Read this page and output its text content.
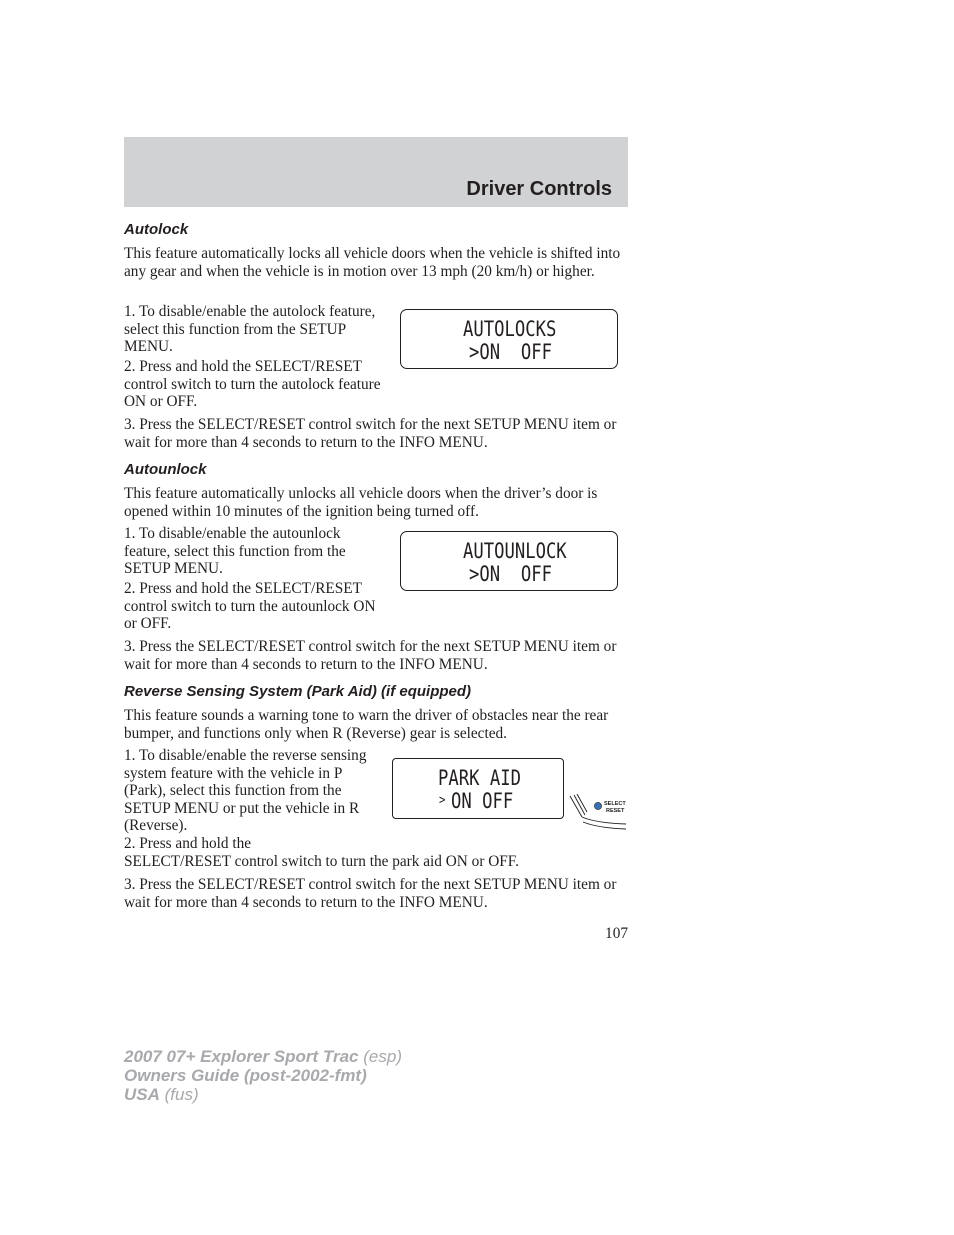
Driver Controls
Autolock

This feature automatically locks all vehicle doors when the vehicle is shifted into any gear and when the vehicle is in motion over 13 mph (20 km/h) or higher.

1. To disable/enable the autolock feature, select this function from the SETUP MENU.

2. Press and hold the SELECT/RESET control switch to turn the autolock feature ON or OFF.

AUTOLOCKS
>ON  OFF

3. Press the SELECT/RESET control switch for the next SETUP MENU item or wait for more than 4 seconds to return to the INFO MENU.

Autounlock

This feature automatically unlocks all vehicle doors when the driver’s door is opened within 10 minutes of the ignition being turned off.

1. To disable/enable the autounlock feature, select this function from the SETUP MENU.

2. Press and hold the SELECT/RESET control switch to turn the autounlock ON or OFF.

AUTOUNLOCK
>ON  OFF

3. Press the SELECT/RESET control switch for the next SETUP MENU item or wait for more than 4 seconds to return to the INFO MENU.

Reverse Sensing System (Park Aid) (if equipped)

This feature sounds a warning tone to warn the driver of obstacles near the rear bumper, and functions only when R (Reverse) gear is selected.

1. To disable/enable the reverse sensing system feature with the vehicle in P (Park), select this function from the SETUP MENU or put the vehicle in R (Reverse).

PARK AID
> ON OFF	SELECT
RESET

2. Press and hold the

SELECT/RESET control switch to turn the park aid ON or OFF.

3. Press the SELECT/RESET control switch for the next SETUP MENU item or wait for more than 4 seconds to return to the INFO MENU.

107
2007 07+ Explorer Sport Trac (esp)
Owners Guide (post-2002-fmt)
USA (fus)
